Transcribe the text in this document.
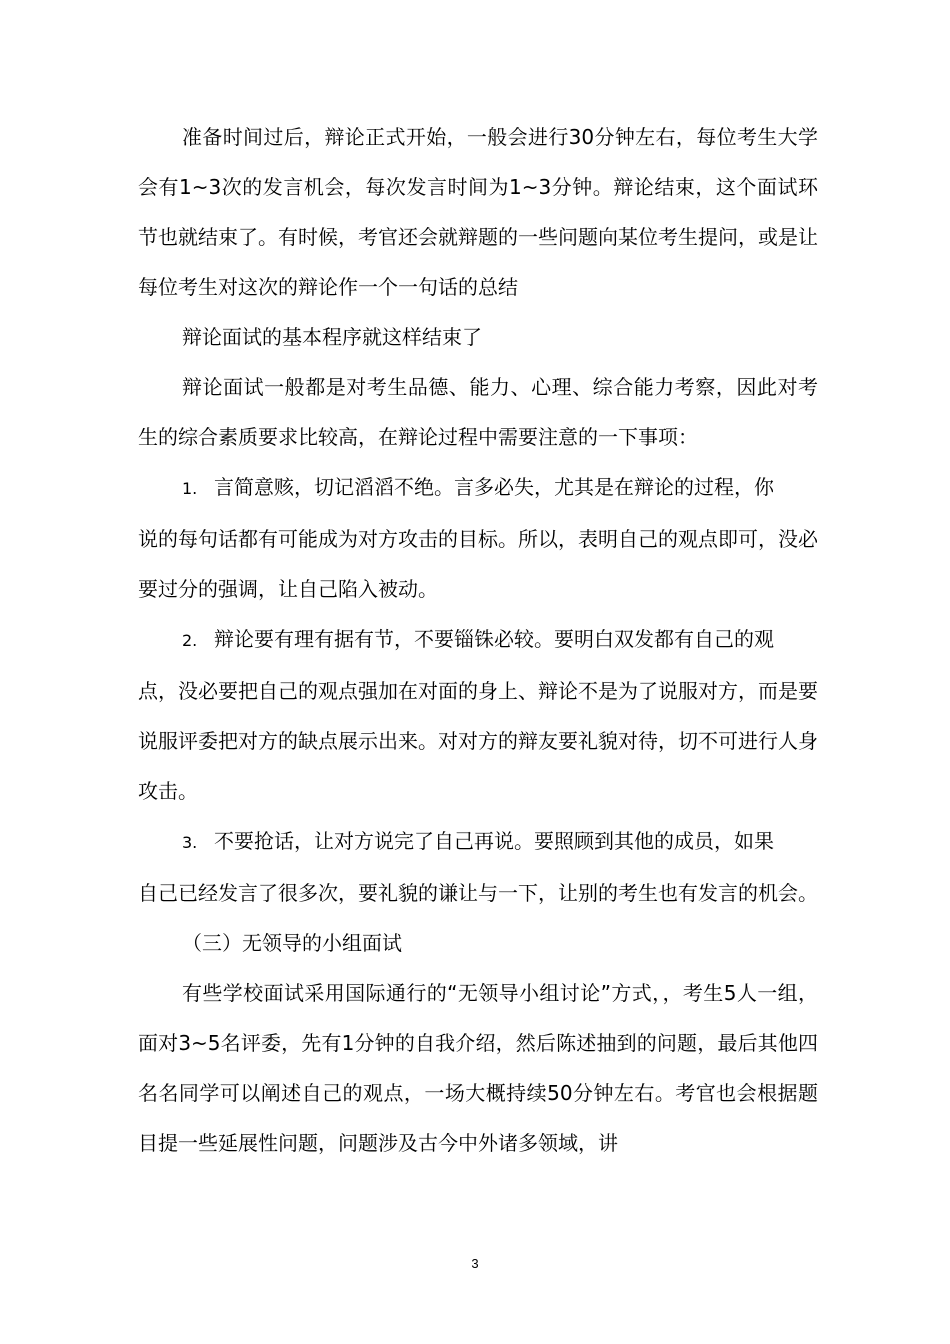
准备时间过后，辩论正式开始，一般会进行30分钟左右，每位考生大学会有1~3次的发言机会，每次发言时间为1~3分钟。辩论结束，这个面试环节也就结束了。有时候，考官还会就辩题的一些问题向某位考生提问，或是让每位考生对这次的辩论作一个一句话的总结

辩论面试的基本程序就这样结束了

辩论面试一般都是对考生品德、能力、心理、综合能力考察，因此对考生的综合素质要求比较高，在辩论过程中需要注意的一下事项：

1. 言简意赅，切记滔滔不绝。言多必失，尤其是在辩论的过程，你
说的每句话都有可能成为对方攻击的目标。所以，表明自己的观点即可，没必要过分的强调，让自己陷入被动。

2. 辩论要有理有据有节，不要锱铢必较。要明白双发都有自己的观
点，没必要把自己的观点强加在对面的身上、辩论不是为了说服对方，而是要说服评委把对方的缺点展示出来。对对方的辩友要礼貌对待，切不可进行人身攻击。

3. 不要抢话，让对方说完了自己再说。要照顾到其他的成员，如果
自己已经发言了很多次，要礼貌的谦让与一下，让别的考生也有发言的机会。

（三）无领导的小组面试

有些学校面试采用国际通行的“无领导小组讨论”方式，，考生5人一组，面对3~5名评委，先有1分钟的自我介绍，然后陈述抽到的问题，最后其他四名名同学可以阐述自己的观点，一场大概持续50分钟左右。考官也会根据题目提一些延展性问题，问题涉及古今中外诸多领域，讲

3
